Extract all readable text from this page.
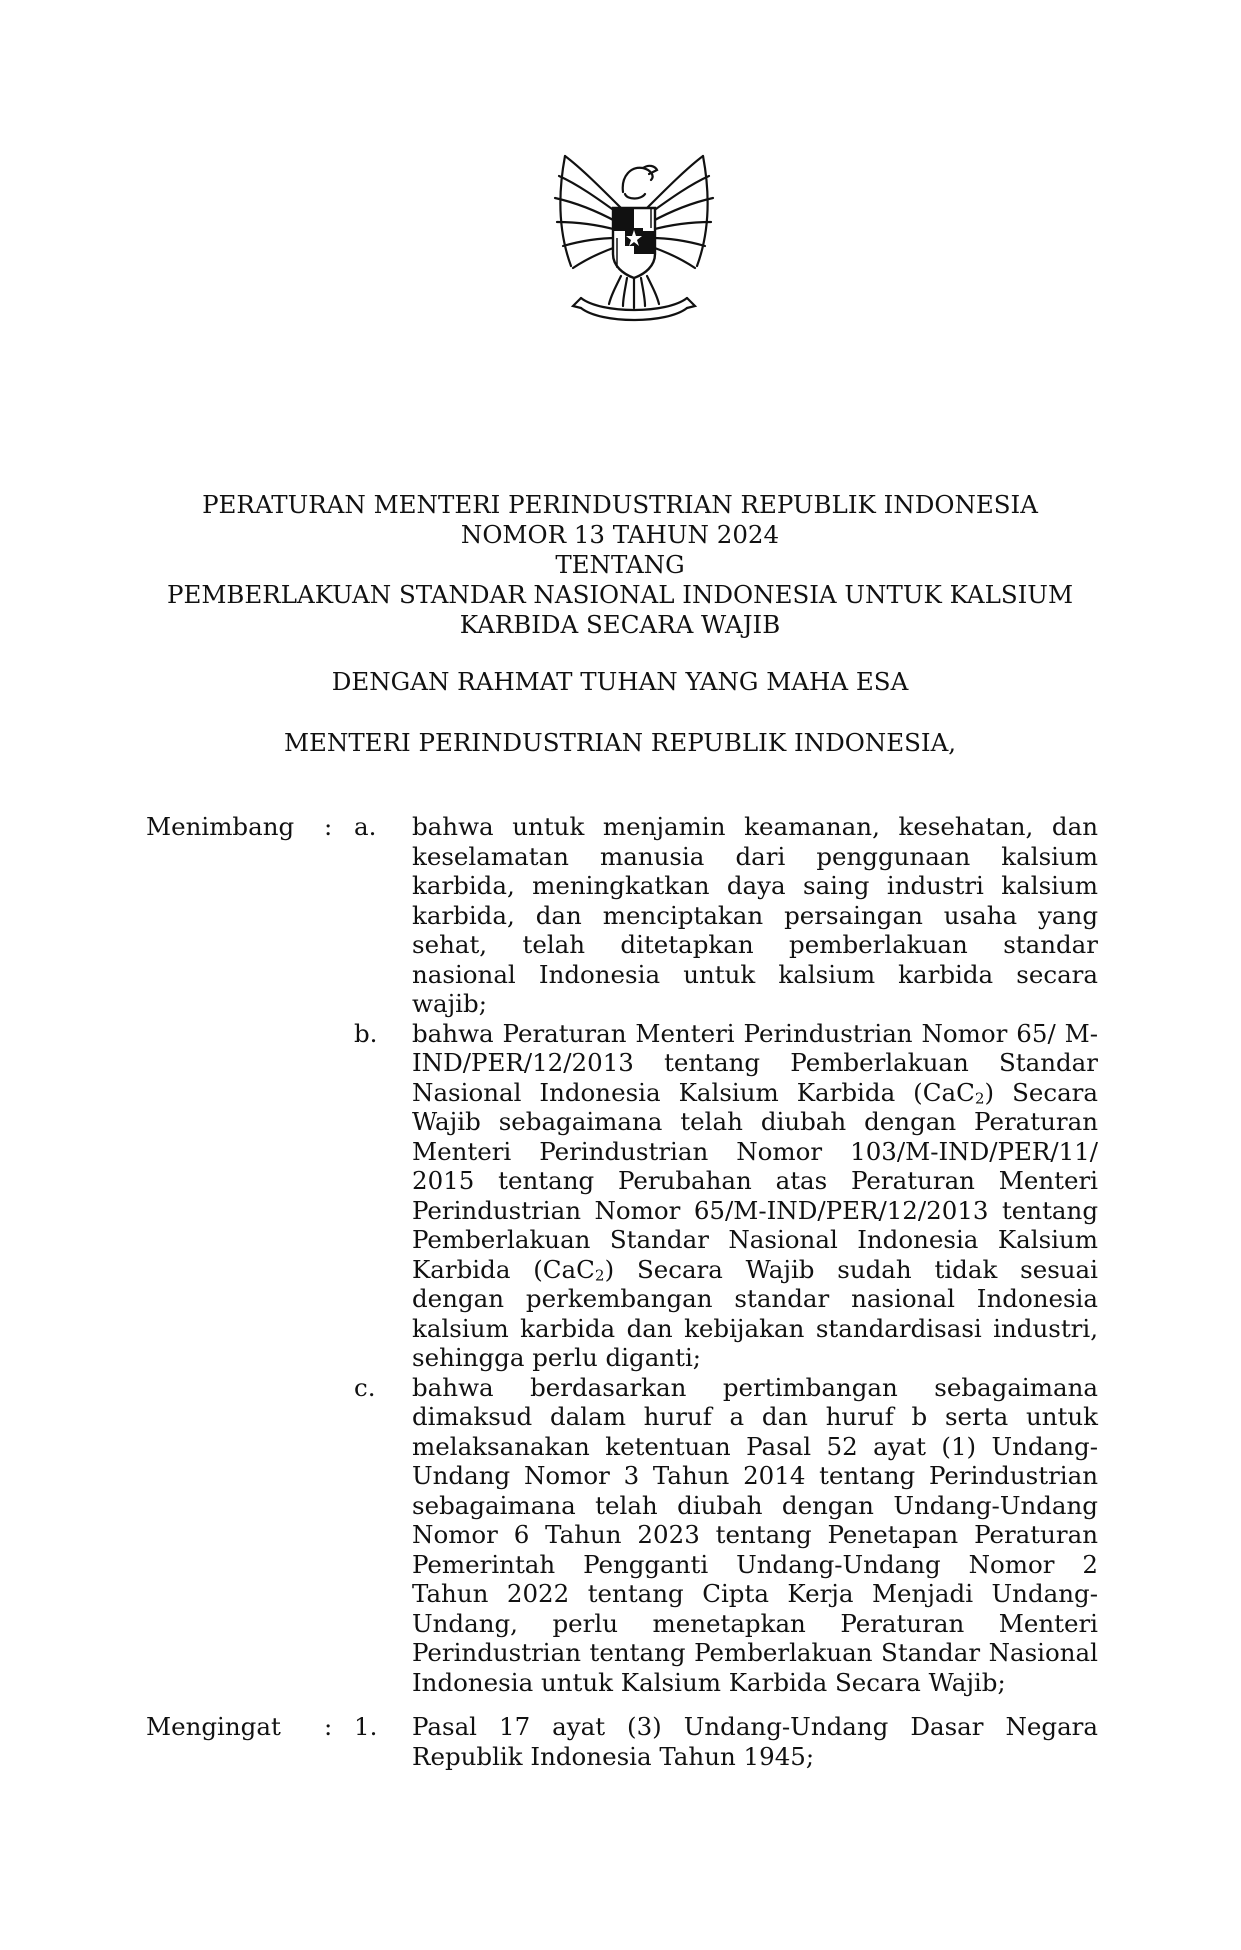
PERATURAN MENTERI PERINDUSTRIAN REPUBLIK INDONESIA
NOMOR 13 TAHUN 2024
TENTANG
PEMBERLAKUAN STANDAR NASIONAL INDONESIA UNTUK KALSIUM
KARBIDA SECARA WAJIB
DENGAN RAHMAT TUHAN YANG MAHA ESA
MENTERI PERINDUSTRIAN REPUBLIK INDONESIA,
Menimbang : a. bahwa untuk menjamin keamanan, kesehatan, dan keselamatan manusia dari penggunaan kalsium karbida, meningkatkan daya saing industri kalsium karbida, dan menciptakan persaingan usaha yang sehat, telah ditetapkan pemberlakuan standar nasional Indonesia untuk kalsium karbida secara wajib;
b. bahwa Peraturan Menteri Perindustrian Nomor 65/ M-IND/PER/12/2013 tentang Pemberlakuan Standar Nasional Indonesia Kalsium Karbida (CaC$_2$) Secara Wajib sebagaimana telah diubah dengan Peraturan Menteri Perindustrian Nomor 103/M-IND/PER/11/ 2015 tentang Perubahan atas Peraturan Menteri Perindustrian Nomor 65/M-IND/PER/12/2013 tentang Pemberlakuan Standar Nasional Indonesia Kalsium Karbida (CaC$_2$) Secara Wajib sudah tidak sesuai dengan perkembangan standar nasional Indonesia kalsium karbida dan kebijakan standardisasi industri, sehingga perlu diganti;
c. bahwa berdasarkan pertimbangan sebagaimana dimaksud dalam huruf a dan huruf b serta untuk melaksanakan ketentuan Pasal 52 ayat (1) Undang-Undang Nomor 3 Tahun 2014 tentang Perindustrian sebagaimana telah diubah dengan Undang-Undang Nomor 6 Tahun 2023 tentang Penetapan Peraturan Pemerintah Pengganti Undang-Undang Nomor 2 Tahun 2022 tentang Cipta Kerja Menjadi Undang-Undang, perlu menetapkan Peraturan Menteri Perindustrian tentang Pemberlakuan Standar Nasional Indonesia untuk Kalsium Karbida Secara Wajib;
Mengingat : 1. Pasal 17 ayat (3) Undang-Undang Dasar Negara Republik Indonesia Tahun 1945;
